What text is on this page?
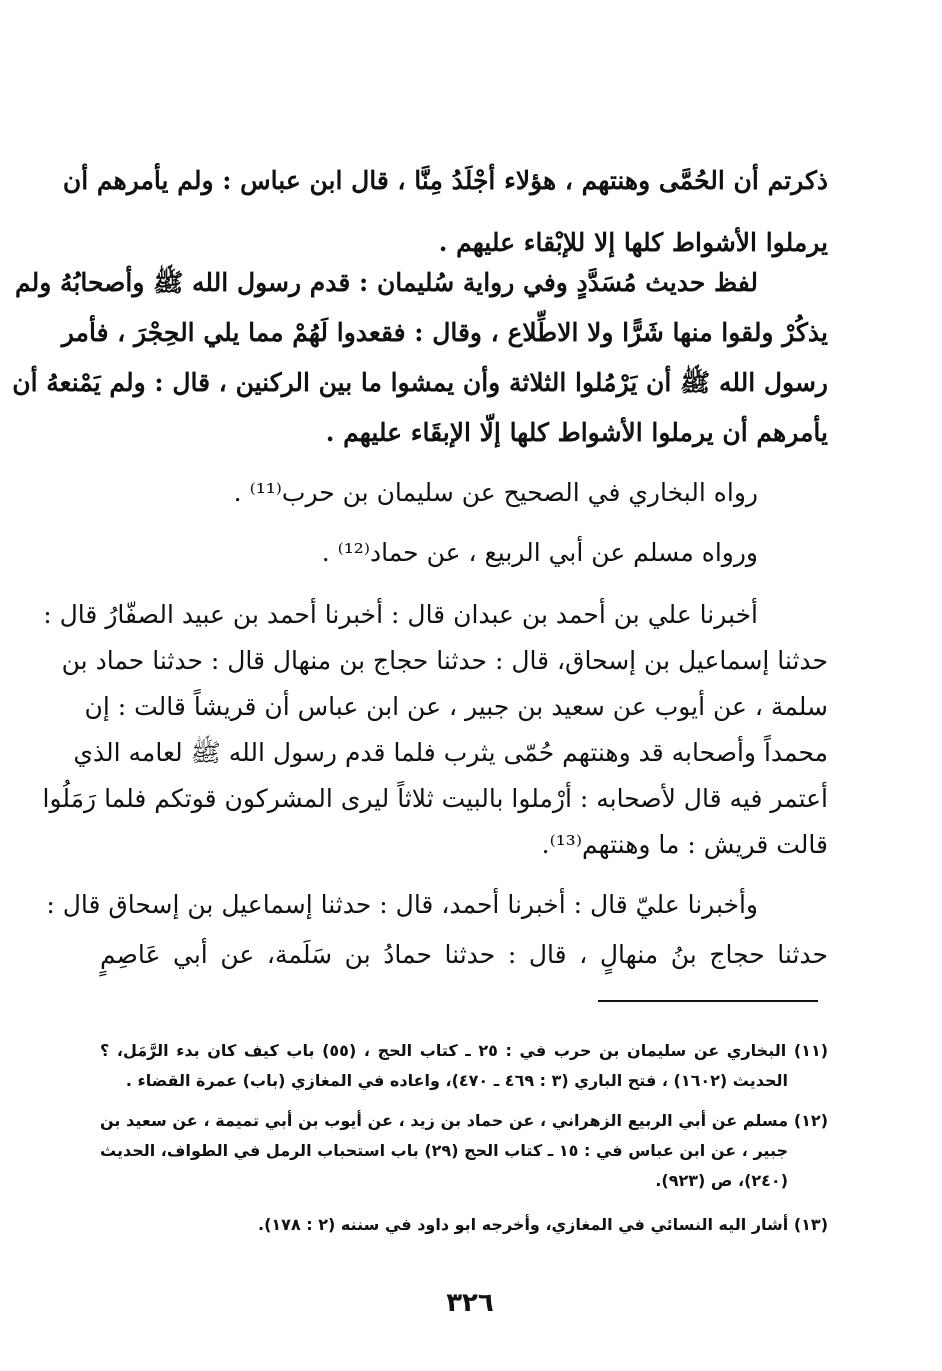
ذكرتم أن الحُمَّى وهنتهم ، هؤلاء أجْلَدُ مِنَّا ، قال ابن عباس : ولم يأمرهم أن
يرملوا الأشواط كلها إلا للإبْقاء عليهم .
لفظ حديث مُسَدَّدٍ وفي رواية سُليمان : قدم رسول الله ﷺ وأصحابُهُ ولم
يذكُرْ ولقوا منها شَرًّا ولا الاطِّلاع ، وقال : فقعدوا لَهُمْ مما يلي الحِجْرَ ، فأمر
رسول الله ﷺ أن يَرْمُلوا الثلاثة وأن يمشوا ما بين الركنين ، قال : ولم يَمْنعهُ أن
يأمرهم أن يرملوا الأشواط كلها إلّا الإبقَاء عليهم .
رواه البخاري في الصحيح عن سليمان بن حرب⁽¹¹⁾ .
ورواه مسلم عن أبي الربيع ، عن حماد⁽¹²⁾ .
أخبرنا علي بن أحمد بن عبدان قال : أخبرنا أحمد بن عبيد الصفّارُ قال :
حدثنا إسماعيل بن إسحاق، قال : حدثنا حجاج بن منهال قال : حدثنا حماد بن
سلمة ، عن أيوب عن سعيد بن جبير ، عن ابن عباس أن قريشاً قالت : إن
محمداً وأصحابه قد وهنتهم حُمّى يثرب فلما قدم رسول الله ﷺ لعامه الذي
أعتمر فيه قال لأصحابه : أرْملوا بالبيت ثلاثاً ليرى المشركون قوتكم فلما رَمَلُوا
قالت قريش : ما وهنتهم⁽¹³⁾.
وأخبرنا عليّ قال : أخبرنا أحمد، قال : حدثنا إسماعيل بن إسحاق قال :
حدثنا حجاج بنُ منهالٍ ، قال : حدثنا حمادُ بن سَلَمة، عن أبي عَاصِمٍ
(١١) البخاري عن سليمان بن حرب في : ٢٥ ـ كتاب الحج ، (٥٥) باب كيف كان بدء الرَّمَل، ؟
الحديث (١٦٠٢) ، فتح الباري (٣ : ٤٦٩ ـ ٤٧٠)، واعاده في المغازي (باب) عمرة القضاء .
(١٢) مسلم عن أبي الربيع الزهراني ، عن حماد بن زيد ، عن أيوب بن أبي تميمة ، عن سعيد بن
جبير ، عن ابن عباس في : ١٥ ـ كتاب الحج (٢٩) باب استحباب الرمل في الطواف، الحديث
(٢٤٠)، ص (٩٢٣).
(١٣) أشار اليه النسائي في المغازي، وأخرجه ابو داود في سننه (٢ : ١٧٨).
٣٢٦
